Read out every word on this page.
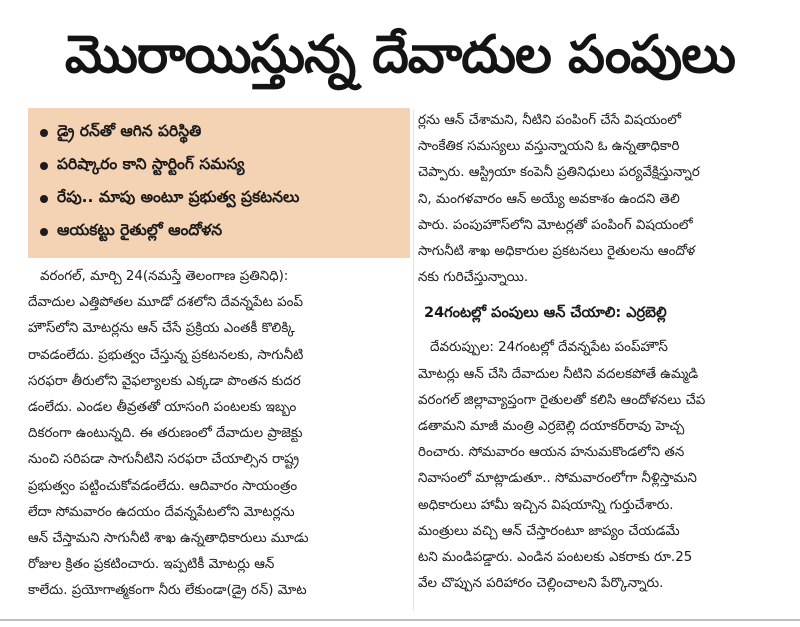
మొరాయిస్తున్న దేవాదుల పంపులు
డ్రై రన్‌తో ఆగిన పరిస్థితి
పరిష్కారం కాని స్టార్టింగ్ సమస్య
రేపు.. మాపు అంటూ ప్రభుత్వ ప్రకటనలు
ఆయకట్టు రైతుల్లో ఆందోళన
వరంగల్, మార్చి 24(నమస్తే తెలంగాణ ప్రతినిధి):
దేవాదుల ఎత్తిపోతల మూడో దశలోని దేవన్నపేట పంప్
హౌస్‌లోని మోటర్లను ఆన్ చేసే ప్రక్రియ ఎంతకీ కొలిక్కి
రావడంలేదు. ప్రభుత్వం చేస్తున్న ప్రకటనలకు, సాగునీటి
సరఫరా తీరులోని వైఫల్యాలకు ఎక్కడా పొంతన కుదర
డంలేదు. ఎండల తీవ్రతతో యాసంగి పంటలకు ఇబ్బం
దికరంగా ఉంటున్నది. ఈ తరుణంలో దేవాదుల ప్రాజెక్టు
నుంచి సరిపడా సాగునీటిని సరఫరా చేయాల్సిన రాష్ట్ర
ప్రభుత్వం పట్టించుకోవడంలేదు. ఆదివారం సాయంత్రం
లేదా సోమవారం ఉదయం దేవన్నపేటలోని మోటర్లను
ఆన్ చేస్తామని సాగునీటి శాఖ ఉన్నతాధికారులు మూడు
రోజుల క్రితం ప్రకటించారు. ఇప్పటికీ మోటర్లు ఆన్
కాలేదు. ప్రయోగాత్మకంగా నీరు లేకుండా(డ్రై రన్) మోట
ర్లను ఆన్ చేశామని, నీటిని పంపింగ్ చేసే విషయంలో
సాంకేతిక సమస్యలు వస్తున్నాయని ఓ ఉన్నతాధికారి
చెప్పారు. ఆస్ట్రియా కంపెనీ ప్రతినిధులు పర్యవేక్షిస్తున్నార
ని, మంగళవారం ఆన్ అయ్యే అవకాశం ఉందని తెలి
పారు. పంపుహౌస్‌లోని మోటర్లతో పంపింగ్ విషయంలో
సాగునీటి శాఖ అధికారుల ప్రకటనలు రైతులను ఆందోళ
నకు గురిచేస్తున్నాయి.
24గంటల్లో పంపులు ఆన్ చేయాలి: ఎర్రబెల్లి
దేవరుప్పుల: 24గంటల్లో దేవన్నపేట పంప్‌హౌస్
మోటర్లు ఆన్ చేసి దేవాదుల నీటిని వదలకపోతే ఉమ్మడి
వరంగల్ జిల్లావ్యాప్తంగా రైతులతో కలిసి ఆందోళనలు చేప
డతామని మాజీ మంత్రి ఎర్రబెల్లి దయాకర్‌రావు హెచ్చ
రించారు. సోమవారం ఆయన హనుమకొండలోని తన
నివాసంలో మాట్లాడుతూ.. సోమవారంలోగా నీళ్లిస్తామని
అధికారులు హామీ ఇచ్చిన విషయాన్ని గుర్తుచేశారు.
మంత్రులు వచ్చి ఆన్ చేస్తారంటూ జాప్యం చేయడమే
టని మండిపడ్డారు. ఎండిన పంటలకు ఎకరాకు రూ.25
వేల చొప్పున పరిహారం చెల్లించాలని పేర్కొన్నారు.
